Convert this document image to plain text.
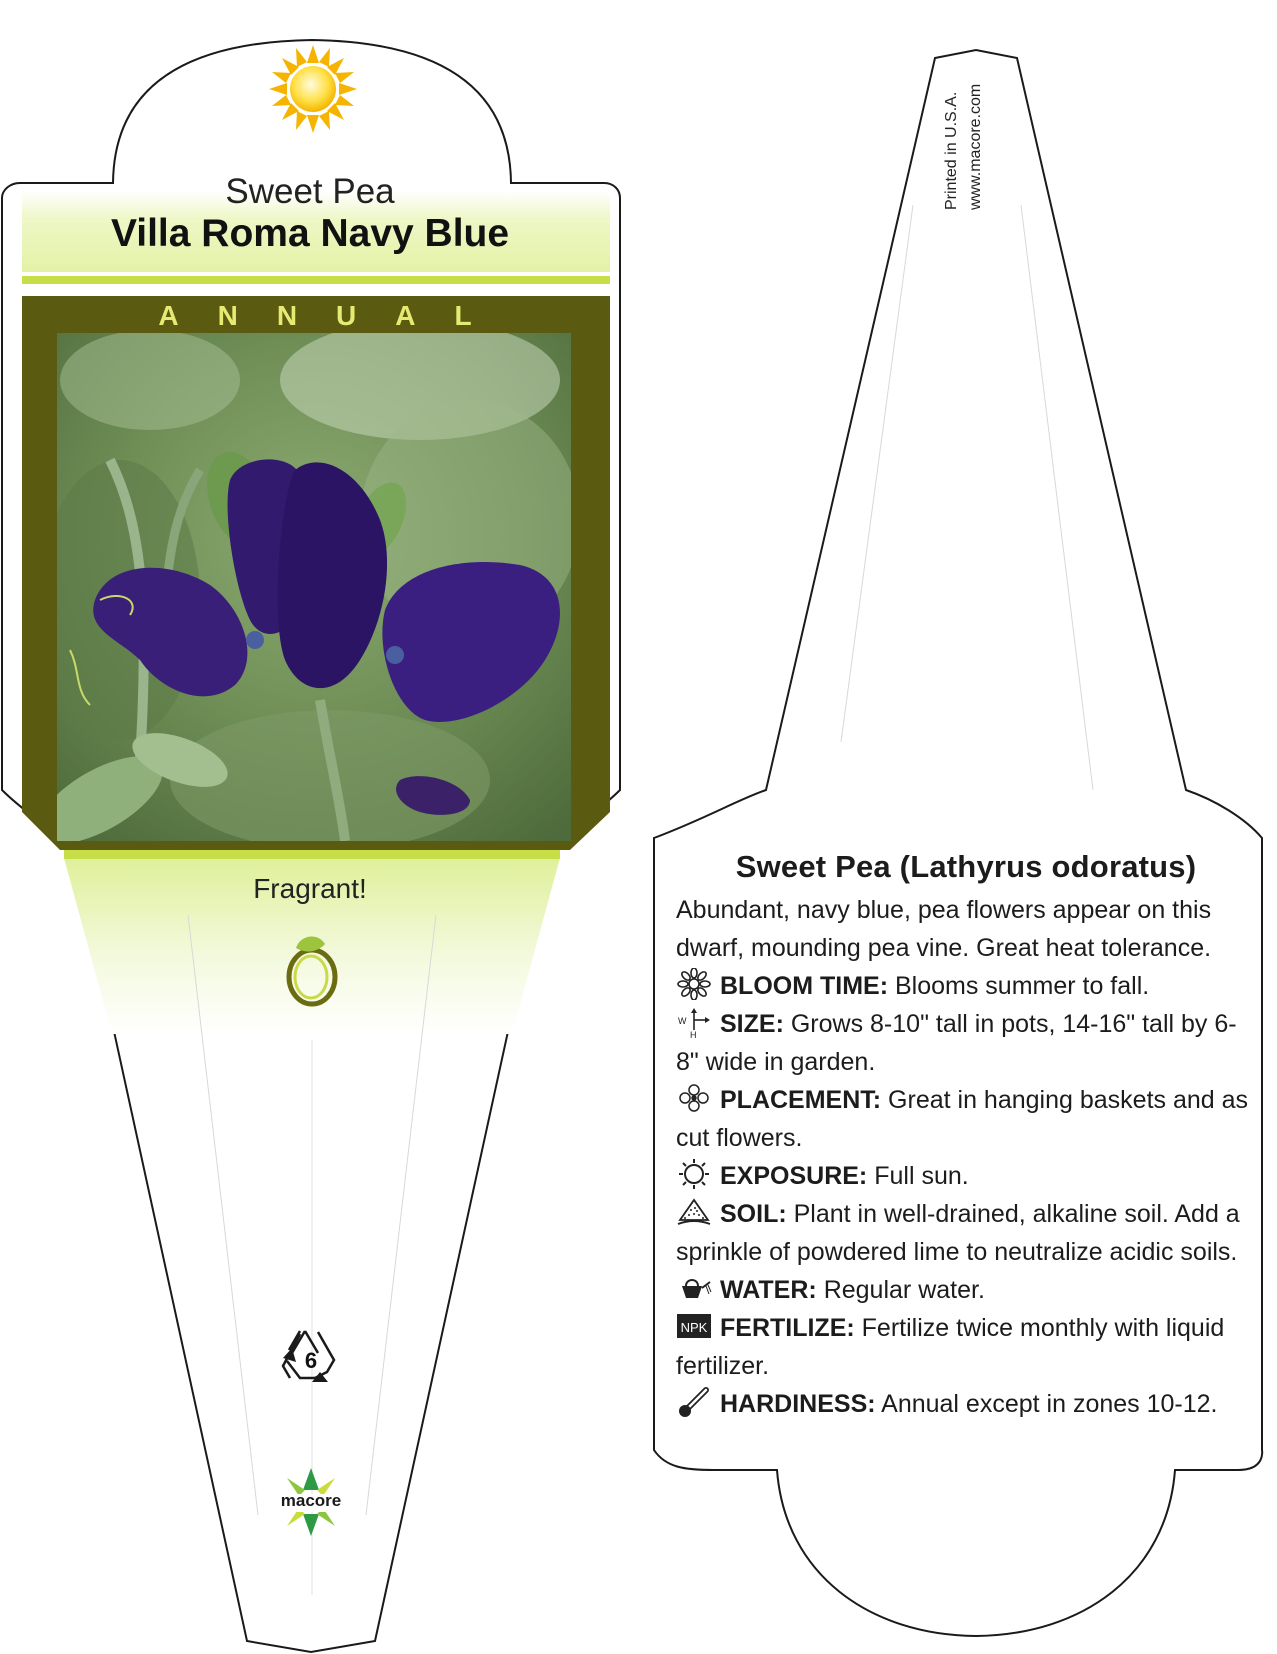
Sweet Pea
Villa Roma Navy Blue
ANNUAL
Fragrant!
6
macore
Printed in U.S.A. www.macore.com
Sweet Pea (Lathyrus odoratus)

Abundant, navy blue, pea flowers appear on this dwarf, mounding pea vine. Great heat tolerance.

BLOOM TIME: Blooms summer to fall.
W
H SIZE: Grows 8-10" tall in pots, 14-16" tall by 6-8" wide in garden.
PLACEMENT: Great in hanging baskets and as cut flowers.
EXPOSURE: Full sun.
SOIL: Plant in well-drained, alkaline soil. Add a sprinkle of powdered lime to neutralize acidic soils.
WATER: Regular water.
NPK FERTILIZE: Fertilize twice monthly with liquid fertilizer.
HARDINESS: Annual except in zones 10-12.
